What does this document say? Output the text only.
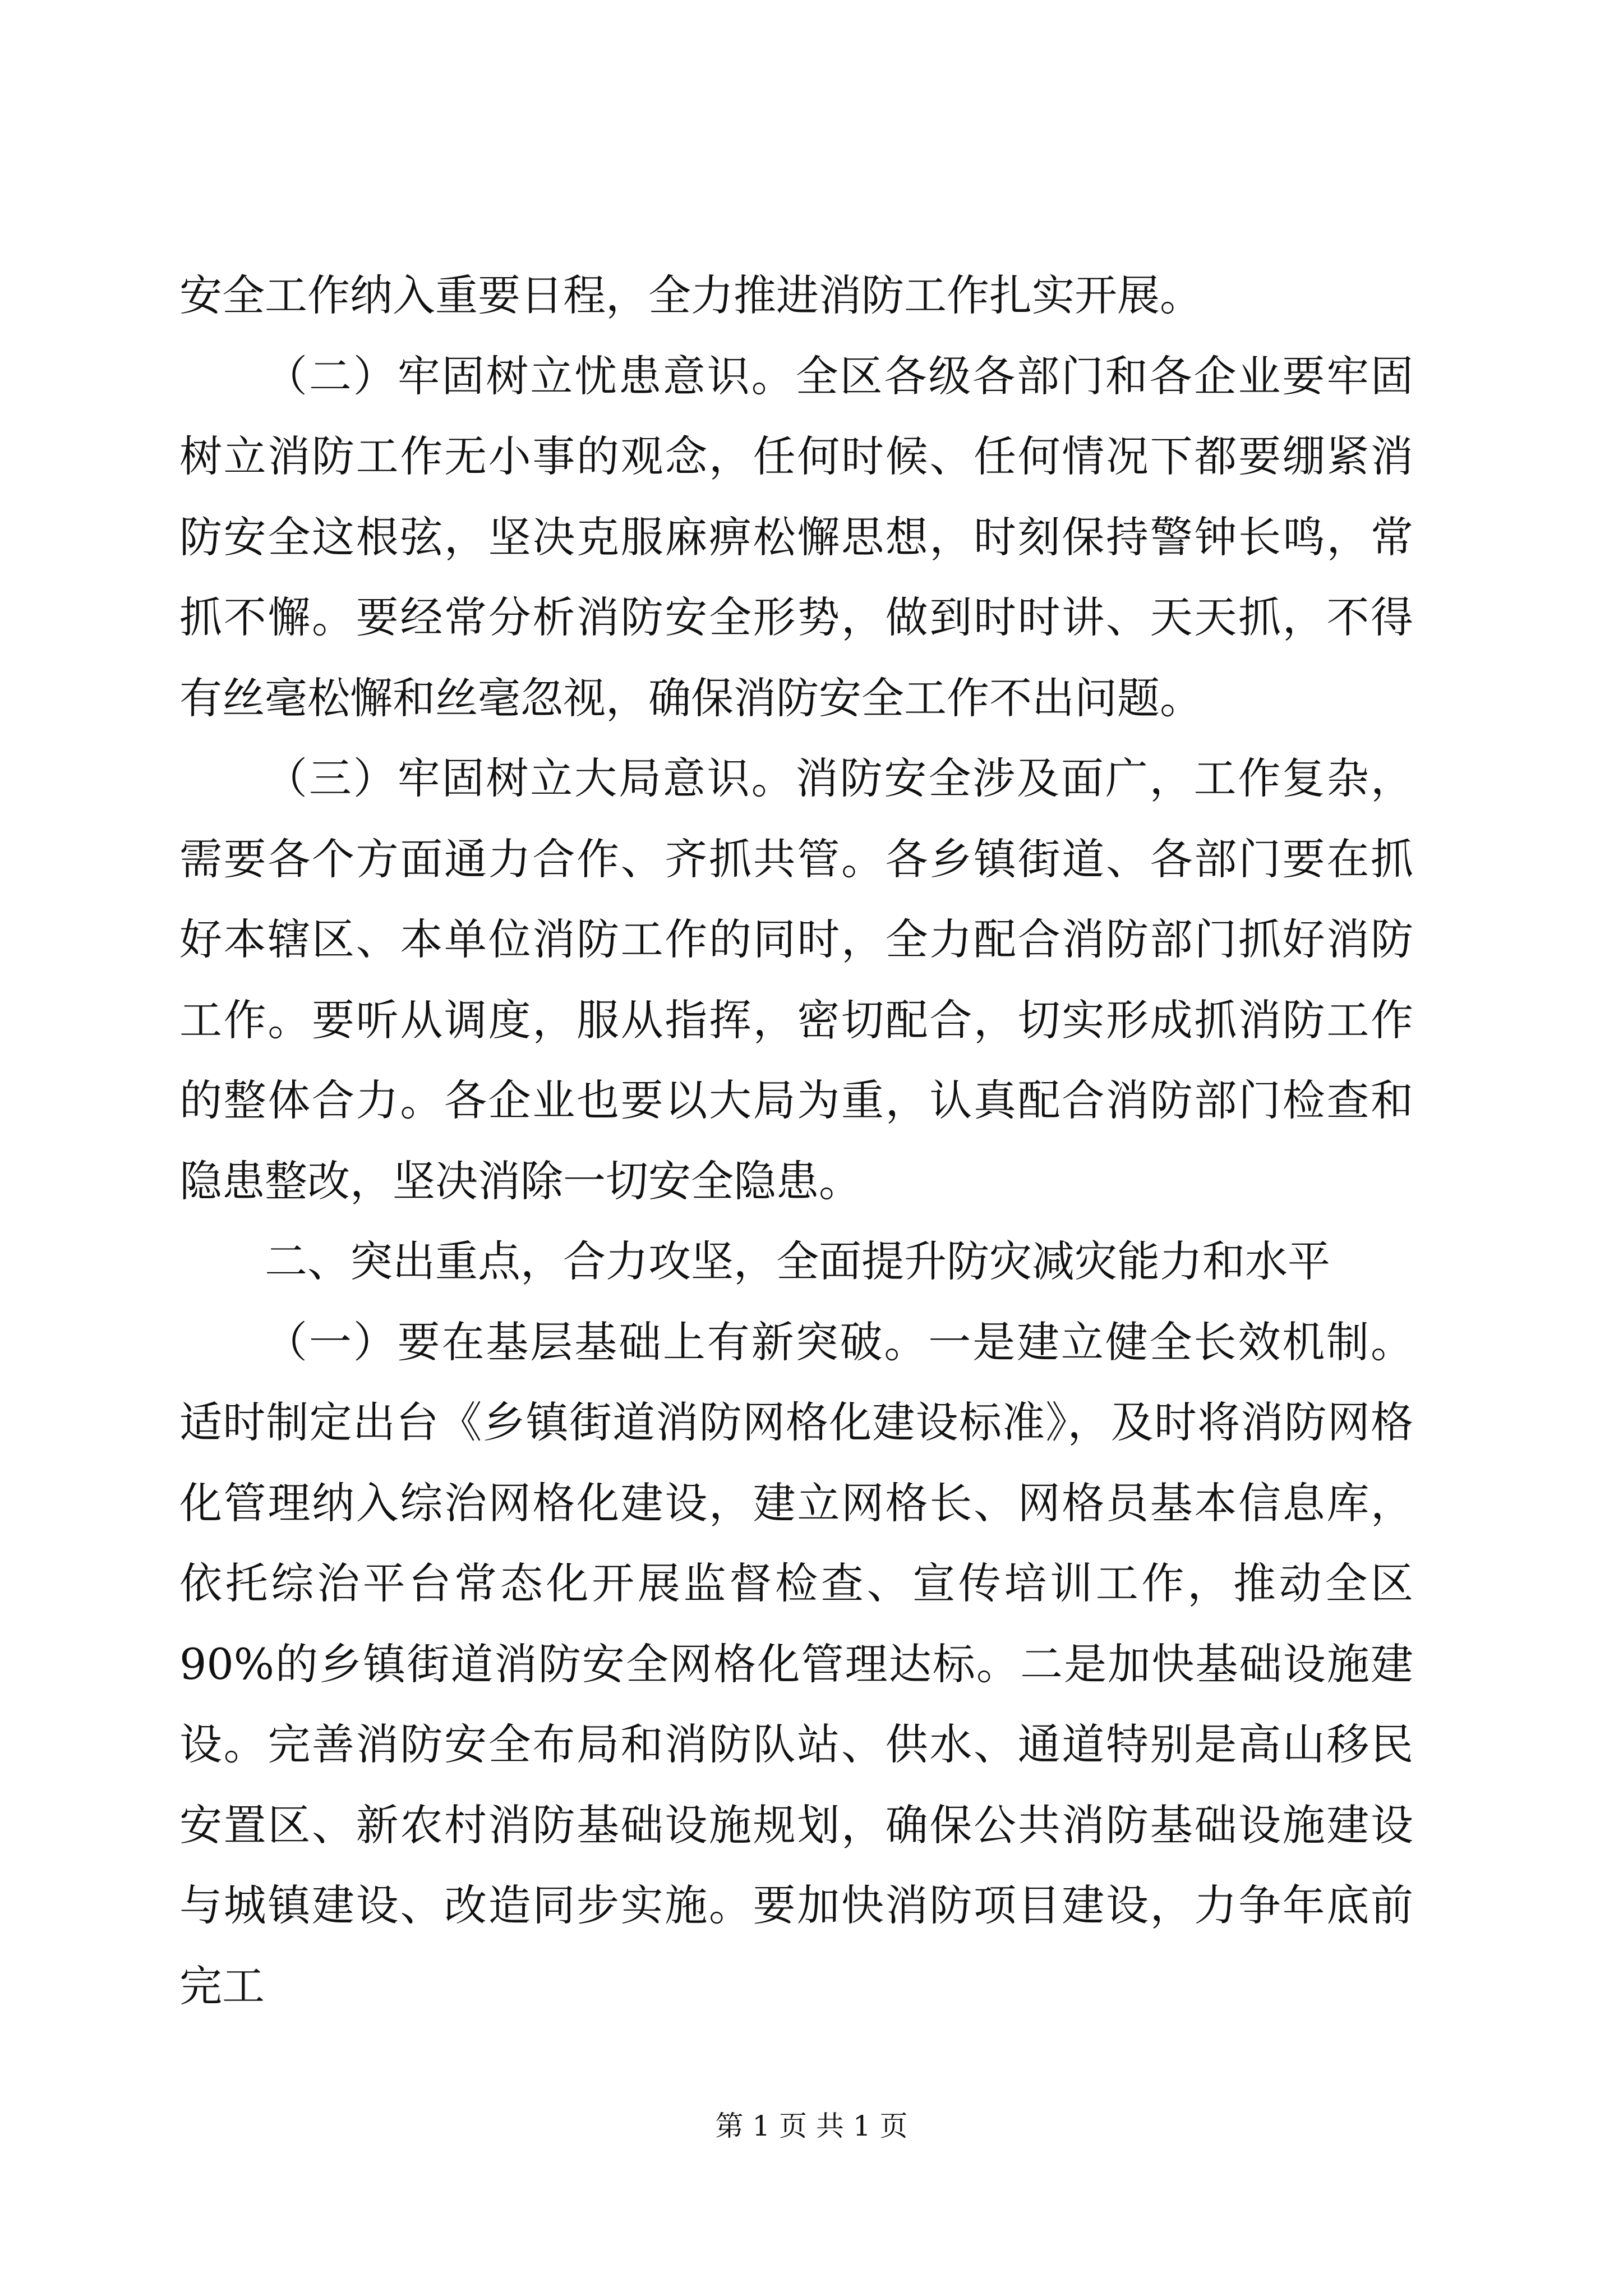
安全工作纳入重要日程，全力推进消防工作扎实开展。

（二）牢固树立忧患意识。全区各级各部门和各企业要牢固树立消防工作无小事的观念，任何时候、任何情况下都要绷紧消防安全这根弦，坚决克服麻痹松懈思想，时刻保持警钟长鸣，常抓不懈。要经常分析消防安全形势，做到时时讲、天天抓，不得有丝毫松懈和丝毫忽视，确保消防安全工作不出问题。

（三）牢固树立大局意识。消防安全涉及面广，工作复杂，需要各个方面通力合作、齐抓共管。各乡镇街道、各部门要在抓好本辖区、本单位消防工作的同时，全力配合消防部门抓好消防工作。要听从调度，服从指挥，密切配合，切实形成抓消防工作的整体合力。各企业也要以大局为重，认真配合消防部门检查和隐患整改，坚决消除一切安全隐患。

二、突出重点，合力攻坚，全面提升防灾减灾能力和水平

（一）要在基层基础上有新突破。一是建立健全长效机制。适时制定出台《乡镇街道消防网格化建设标准》，及时将消防网格化管理纳入综治网格化建设，建立网格长、网格员基本信息库，依托综治平台常态化开展监督检查、宣传培训工作，推动全区90%的乡镇街道消防安全网格化管理达标。二是加快基础设施建设。完善消防安全布局和消防队站、供水、通道特别是高山移民安置区、新农村消防基础设施规划，确保公共消防基础设施建设与城镇建设、改造同步实施。要加快消防项目建设，力争年底前完工

第 1 页 共 1 页
